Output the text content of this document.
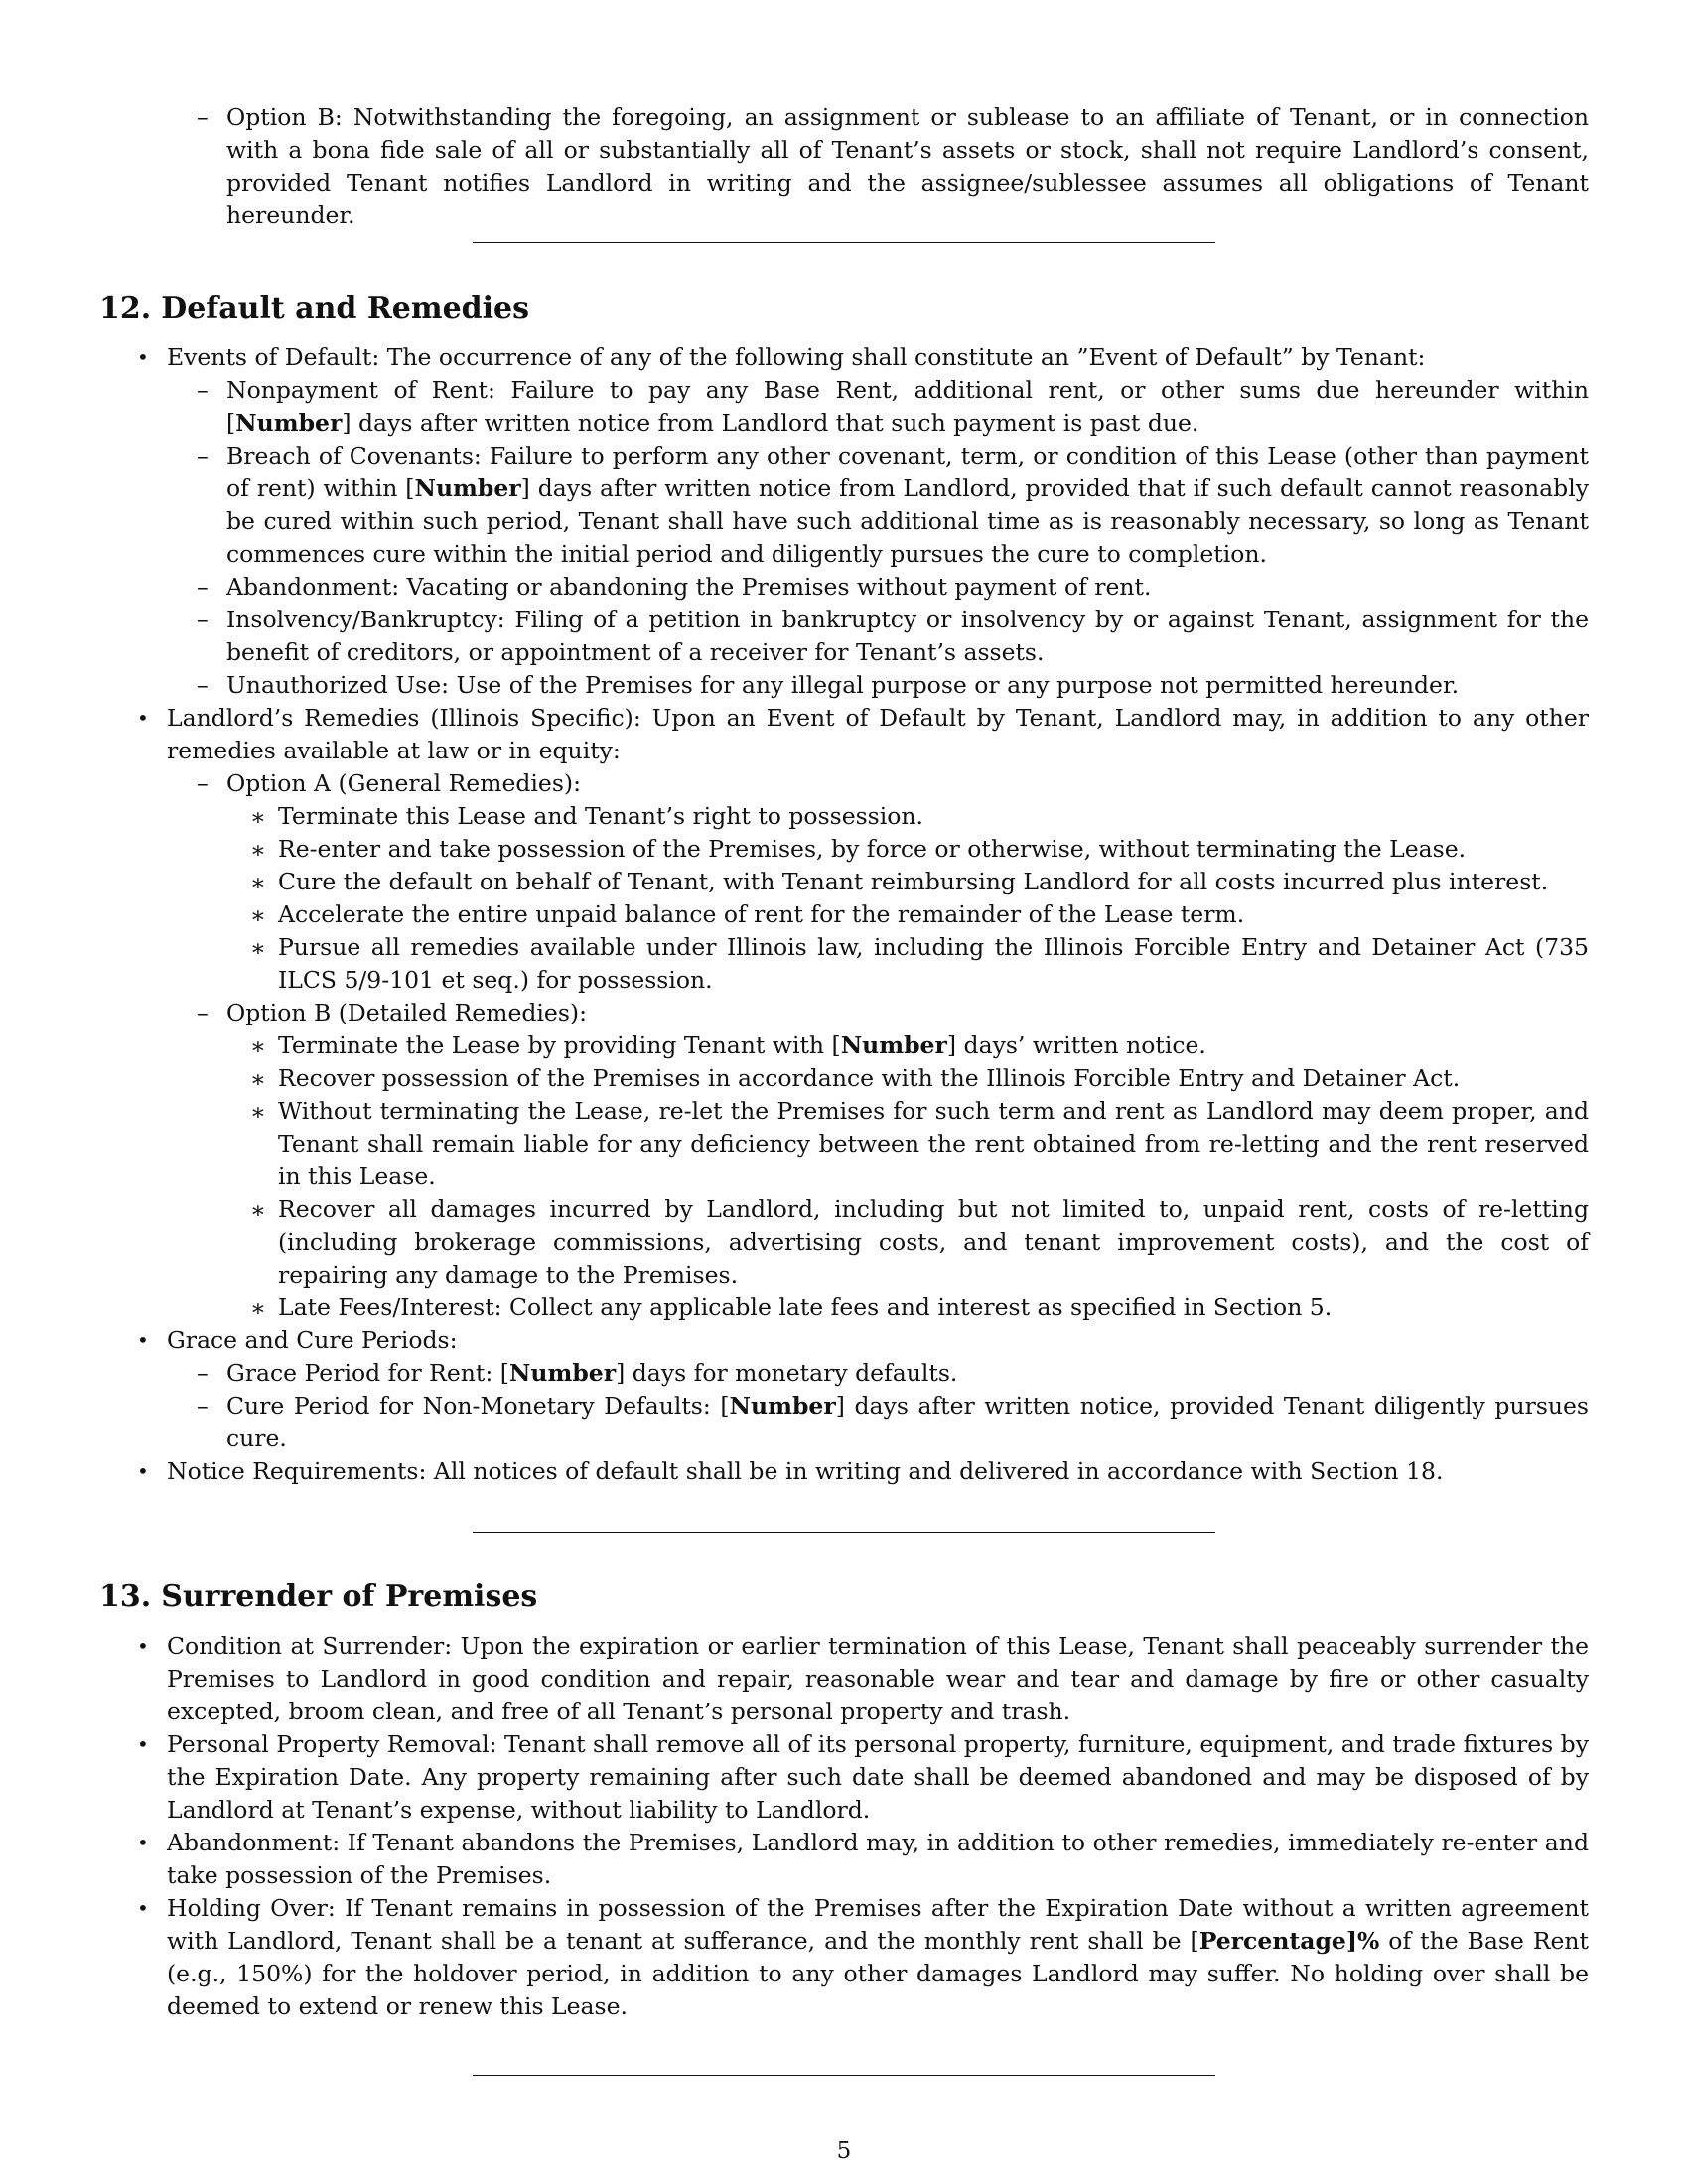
– Option B: Notwithstanding the foregoing, an assignment or sublease to an affiliate of Tenant, or in connection with a bona fide sale of all or substantially all of Tenant’s assets or stock, shall not require Landlord’s consent, provided Tenant notifies Landlord in writing and the assignee/sublessee assumes all obligations of Tenant hereunder.
12. Default and Remedies
• Events of Default: The occurrence of any of the following shall constitute an ”Event of Default” by Tenant:
– Nonpayment of Rent: Failure to pay any Base Rent, additional rent, or other sums due hereunder within [Number] days after written notice from Landlord that such payment is past due.
– Breach of Covenants: Failure to perform any other covenant, term, or condition of this Lease (other than payment of rent) within [Number] days after written notice from Landlord, provided that if such default cannot reasonably be cured within such period, Tenant shall have such additional time as is reasonably necessary, so long as Tenant commences cure within the initial period and diligently pursues the cure to completion.
– Abandonment: Vacating or abandoning the Premises without payment of rent.
– Insolvency/Bankruptcy: Filing of a petition in bankruptcy or insolvency by or against Tenant, assignment for the benefit of creditors, or appointment of a receiver for Tenant’s assets.
– Unauthorized Use: Use of the Premises for any illegal purpose or any purpose not permitted hereunder.
• Landlord’s Remedies (Illinois Specific): Upon an Event of Default by Tenant, Landlord may, in addition to any other remedies available at law or in equity:
– Option A (General Remedies):
∗ Terminate this Lease and Tenant’s right to possession.
∗ Re-enter and take possession of the Premises, by force or otherwise, without terminating the Lease.
∗ Cure the default on behalf of Tenant, with Tenant reimbursing Landlord for all costs incurred plus interest.
∗ Accelerate the entire unpaid balance of rent for the remainder of the Lease term.
∗ Pursue all remedies available under Illinois law, including the Illinois Forcible Entry and Detainer Act (735 ILCS 5/9-101 et seq.) for possession.
– Option B (Detailed Remedies):
∗ Terminate the Lease by providing Tenant with [Number] days’ written notice.
∗ Recover possession of the Premises in accordance with the Illinois Forcible Entry and Detainer Act.
∗ Without terminating the Lease, re-let the Premises for such term and rent as Landlord may deem proper, and Tenant shall remain liable for any deficiency between the rent obtained from re-letting and the rent reserved in this Lease.
∗ Recover all damages incurred by Landlord, including but not limited to, unpaid rent, costs of re-letting (including brokerage commissions, advertising costs, and tenant improvement costs), and the cost of repairing any damage to the Premises.
∗ Late Fees/Interest: Collect any applicable late fees and interest as specified in Section 5.
• Grace and Cure Periods:
– Grace Period for Rent: [Number] days for monetary defaults.
– Cure Period for Non-Monetary Defaults: [Number] days after written notice, provided Tenant diligently pursues cure.
• Notice Requirements: All notices of default shall be in writing and delivered in accordance with Section 18.
13. Surrender of Premises
• Condition at Surrender: Upon the expiration or earlier termination of this Lease, Tenant shall peaceably surrender the Premises to Landlord in good condition and repair, reasonable wear and tear and damage by fire or other casualty excepted, broom clean, and free of all Tenant’s personal property and trash.
• Personal Property Removal: Tenant shall remove all of its personal property, furniture, equipment, and trade fixtures by the Expiration Date. Any property remaining after such date shall be deemed abandoned and may be disposed of by Landlord at Tenant’s expense, without liability to Landlord.
• Abandonment: If Tenant abandons the Premises, Landlord may, in addition to other remedies, immediately re-enter and take possession of the Premises.
• Holding Over: If Tenant remains in possession of the Premises after the Expiration Date without a written agreement with Landlord, Tenant shall be a tenant at sufferance, and the monthly rent shall be [Percentage]% of the Base Rent (e.g., 150%) for the holdover period, in addition to any other damages Landlord may suffer. No holding over shall be deemed to extend or renew this Lease.
5
